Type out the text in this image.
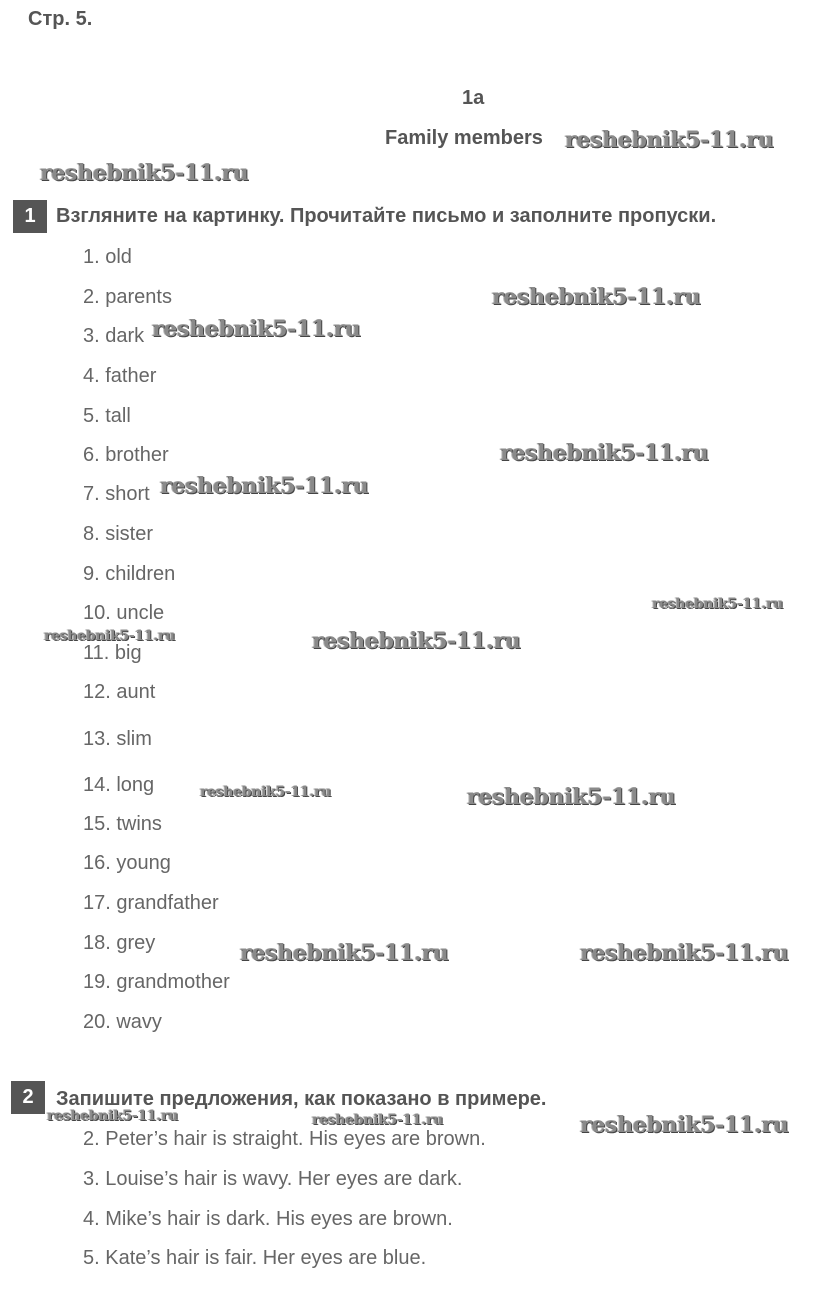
Стр. 5.
1a
Family members
1	Взгляните на картинку. Прочитайте письмо и заполните пропуски.
1. old
2. parents
3. dark
4. father
5. tall
6. brother
7. short
8. sister
9. children
10. uncle
11. big
12. aunt
13. slim
14. long
15. twins
16. young
17. grandfather
18. grey
19. grandmother
20. wavy
2	Запишите предложения, как показано в примере.
2. Peter’s hair is straight. His eyes are brown.
3. Louise’s hair is wavy. Her eyes are dark.
4. Mike’s hair is dark. His eyes are brown.
5. Kate’s hair is fair. Her eyes are blue.
reshebnik5-11.ru
reshebnik5-11.ru
reshebnik5-11.ru
reshebnik5-11.ru
reshebnik5-11.ru
reshebnik5-11.ru
reshebnik5-11.ru
reshebnik5-11.ru	reshebnik5-11.ru
reshebnik5-11.ru	reshebnik5-11.ru
reshebnik5-11.ru	reshebnik5-11.ru
reshebnik5-11.ru	reshebnik5-11.ru	reshebnik5-11.ru
